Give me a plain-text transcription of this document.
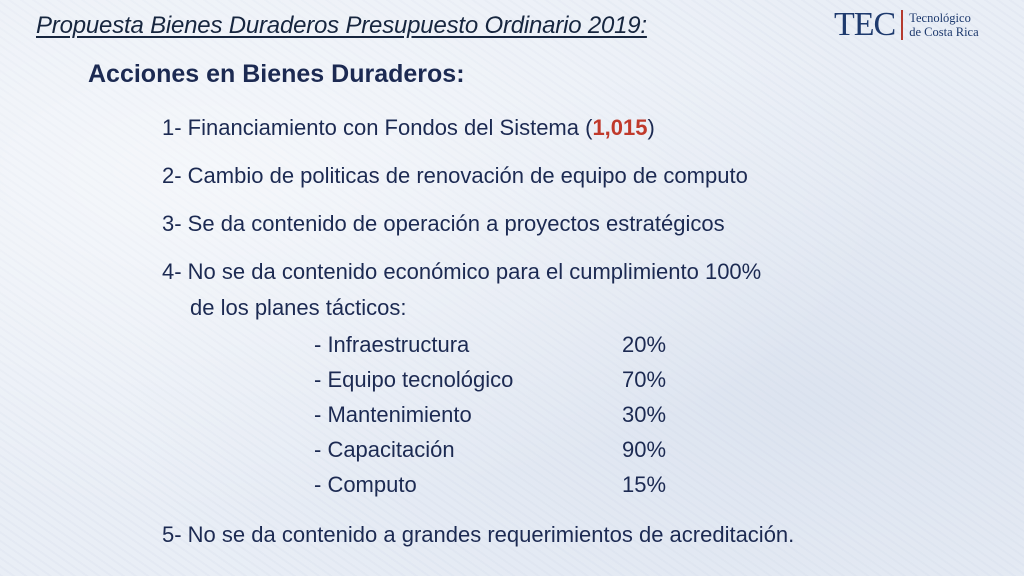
Propuesta Bienes Duraderos Presupuesto Ordinario 2019:	TEC Tecnológico
de Costa Rica
Acciones en Bienes Duraderos:

1- Financiamiento con Fondos del Sistema (1,015)

2- Cambio de politicas de renovación de equipo de computo

3- Se da contenido de operación a proyectos estratégicos

4- No se da contenido económico para el cumplimiento 100%

de los planes tácticos:
- Infraestructura	20%
- Equipo tecnológico	70%
- Mantenimiento	30%
- Capacitación	90%
- Computo	15%

5- No se da contenido a grandes requerimientos de acreditación.
